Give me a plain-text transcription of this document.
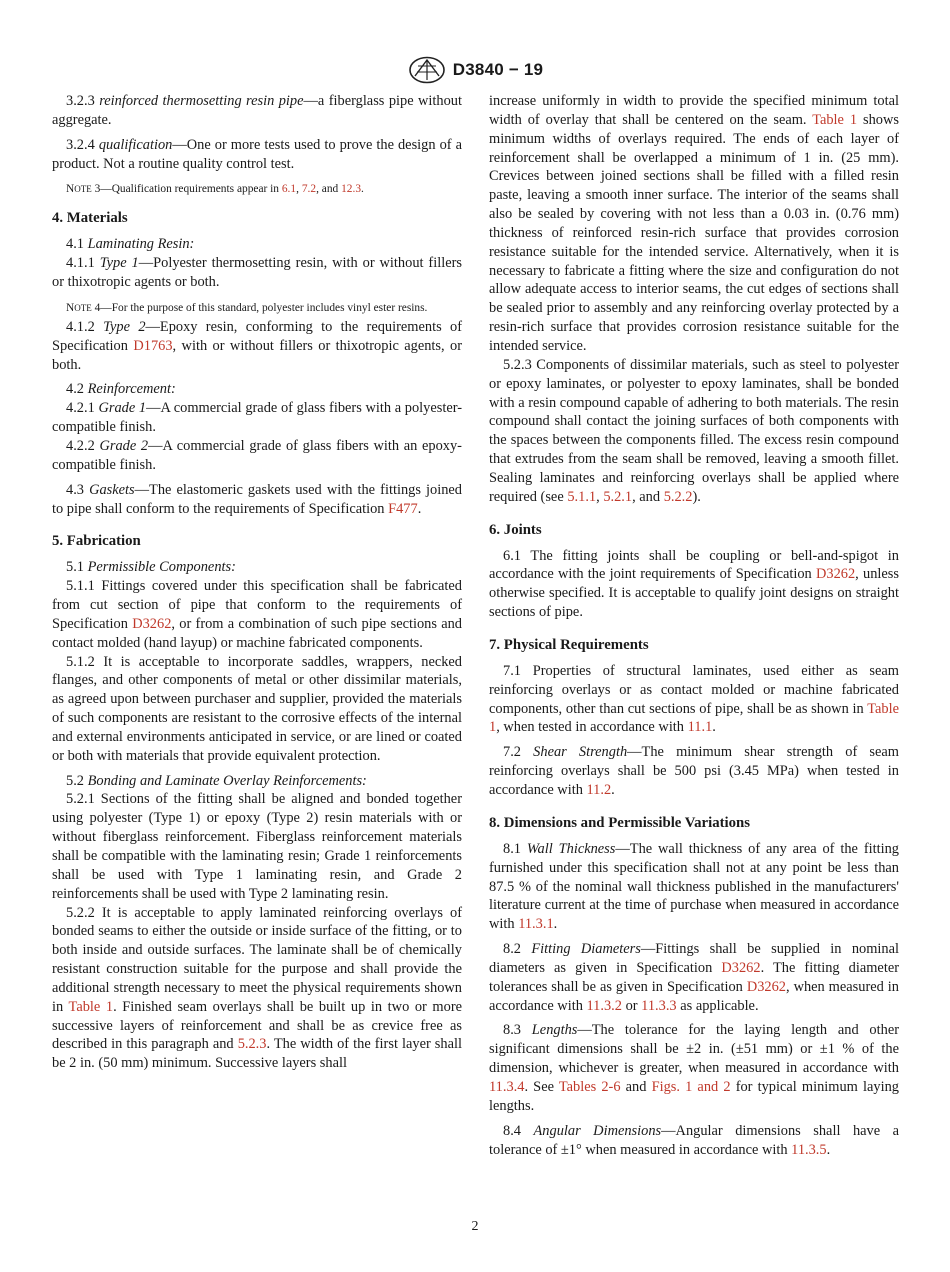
D3840 − 19

3.2.3 reinforced thermosetting resin pipe—a fiberglass pipe without aggregate.

3.2.4 qualification—One or more tests used to prove the design of a product. Not a routine quality control test.

NOTE 3—Qualification requirements appear in 6.1, 7.2, and 12.3.

4. Materials

4.1 Laminating Resin:

4.1.1 Type 1—Polyester thermosetting resin, with or without fillers or thixotropic agents or both.

NOTE 4—For the purpose of this standard, polyester includes vinyl ester resins.

4.1.2 Type 2—Epoxy resin, conforming to the requirements of Specification D1763, with or without fillers or thixotropic agents, or both.

4.2 Reinforcement:

4.2.1 Grade 1—A commercial grade of glass fibers with a polyester-compatible finish.

4.2.2 Grade 2—A commercial grade of glass fibers with an epoxy-compatible finish.

4.3 Gaskets—The elastomeric gaskets used with the fittings joined to pipe shall conform to the requirements of Specification F477.

5. Fabrication

5.1 Permissible Components:

5.1.1 Fittings covered under this specification shall be fabricated from cut section of pipe that conform to the requirements of Specification D3262, or from a combination of such pipe sections and contact molded (hand layup) or machine fabricated components.

5.1.2 It is acceptable to incorporate saddles, wrappers, necked flanges, and other components of metal or other dissimilar materials, as agreed upon between purchaser and supplier, provided the materials of such components are resistant to the corrosive effects of the internal and external environments anticipated in service, or are lined or coated or both with materials that provide equivalent protection.

5.2 Bonding and Laminate Overlay Reinforcements:

5.2.1 Sections of the fitting shall be aligned and bonded together using polyester (Type 1) or epoxy (Type 2) resin materials with or without fiberglass reinforcement. Fiberglass reinforcement materials shall be compatible with the laminating resin; Grade 1 reinforcements shall be used with Type 1 laminating resin, and Grade 2 reinforcements shall be used with Type 2 laminating resin.

5.2.2 It is acceptable to apply laminated reinforcing overlays of bonded seams to either the outside or inside surface of the fitting, or to both inside and outside surfaces. The laminate shall be of chemically resistant construction suitable for the purpose and shall provide the additional strength necessary to meet the physical requirements shown in Table 1. Finished seam overlays shall be built up in two or more successive layers of reinforcement and shall be as crevice free as described in this paragraph and 5.2.3. The width of the first layer shall be 2 in. (50 mm) minimum. Successive layers shall

increase uniformly in width to provide the specified minimum total width of overlay that shall be centered on the seam. Table 1 shows minimum widths of overlays required. The ends of each layer of reinforcement shall be overlapped a minimum of 1 in. (25 mm). Crevices between joined sections shall be filled with a filled resin paste, leaving a smooth inner surface. The interior of the seams shall also be sealed by covering with not less than a 0.03 in. (0.76 mm) thickness of reinforced resin-rich surface that provides corrosion resistance suitable for the intended service. Alternatively, when it is necessary to fabricate a fitting where the size and configuration do not allow adequate access to interior seams, the cut edges of sections shall be sealed prior to assembly and any reinforcing overlay protected by a resin-rich surface that provides corrosion resistance suitable for the intended service.

5.2.3 Components of dissimilar materials, such as steel to polyester or epoxy laminates, or polyester to epoxy laminates, shall be bonded with a resin compound capable of adhering to both materials. The resin compound shall contact the joining surfaces of both components with the spaces between the components filled. The excess resin compound that extrudes from the seam shall be removed, leaving a smooth fillet. Sealing laminates and reinforcing overlays shall be applied where required (see 5.1.1, 5.2.1, and 5.2.2).

6. Joints

6.1 The fitting joints shall be coupling or bell-and-spigot in accordance with the joint requirements of Specification D3262, unless otherwise specified. It is acceptable to qualify joint designs on straight sections of pipe.

7. Physical Requirements

7.1 Properties of structural laminates, used either as seam reinforcing overlays or as contact molded or machine fabricated components, other than cut sections of pipe, shall be as shown in Table 1, when tested in accordance with 11.1.

7.2 Shear Strength—The minimum shear strength of seam reinforcing overlays shall be 500 psi (3.45 MPa) when tested in accordance with 11.2.

8. Dimensions and Permissible Variations

8.1 Wall Thickness—The wall thickness of any area of the fitting furnished under this specification shall not at any point be less than 87.5 % of the nominal wall thickness published in the manufacturers' literature current at the time of purchase when measured in accordance with 11.3.1.

8.2 Fitting Diameters—Fittings shall be supplied in nominal diameters as given in Specification D3262. The fitting diameter tolerances shall be as given in Specification D3262, when measured in accordance with 11.3.2 or 11.3.3 as applicable.

8.3 Lengths—The tolerance for the laying length and other significant dimensions shall be ±2 in. (±51 mm) or ±1 % of the dimension, whichever is greater, when measured in accordance with 11.3.4. See Tables 2-6 and Figs. 1 and 2 for typical minimum laying lengths.

8.4 Angular Dimensions—Angular dimensions shall have a tolerance of ±1° when measured in accordance with 11.3.5.

2
